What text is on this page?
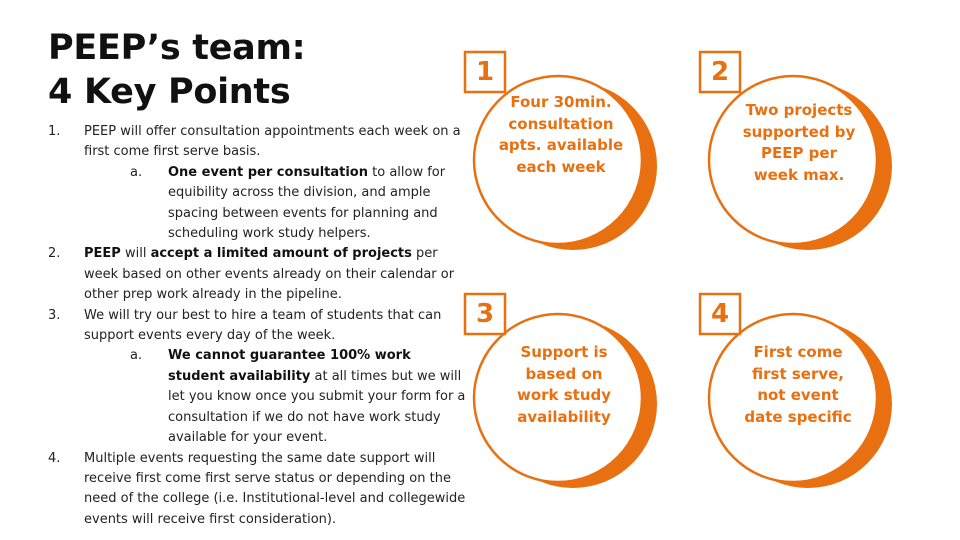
PEEP’s team:
4 Key Points
1. PEEP will offer consultation appointments each week on a first come first serve basis.
a. One event per consultation to allow for equibility across the division, and ample spacing between events for planning and scheduling work study helpers.
2. PEEP will accept a limited amount of projects per week based on other events already on their calendar or other prep work already in the pipeline.
3. We will try our best to hire a team of students that can support events every day of the week.
a. We cannot guarantee 100% work student availability at all times but we will let you know once you submit your form for a consultation if we do not have work study available for your event.
4. Multiple events requesting the same date support will receive first come first serve status or depending on the need of the college (i.e. Institutional-level and collegewide events will receive first consideration).
1
Four 30min. consultation apts. available each week
2
Two projects supported by PEEP per week max.
3
Support is based on work study availability
4
First come first serve, not event date specific
